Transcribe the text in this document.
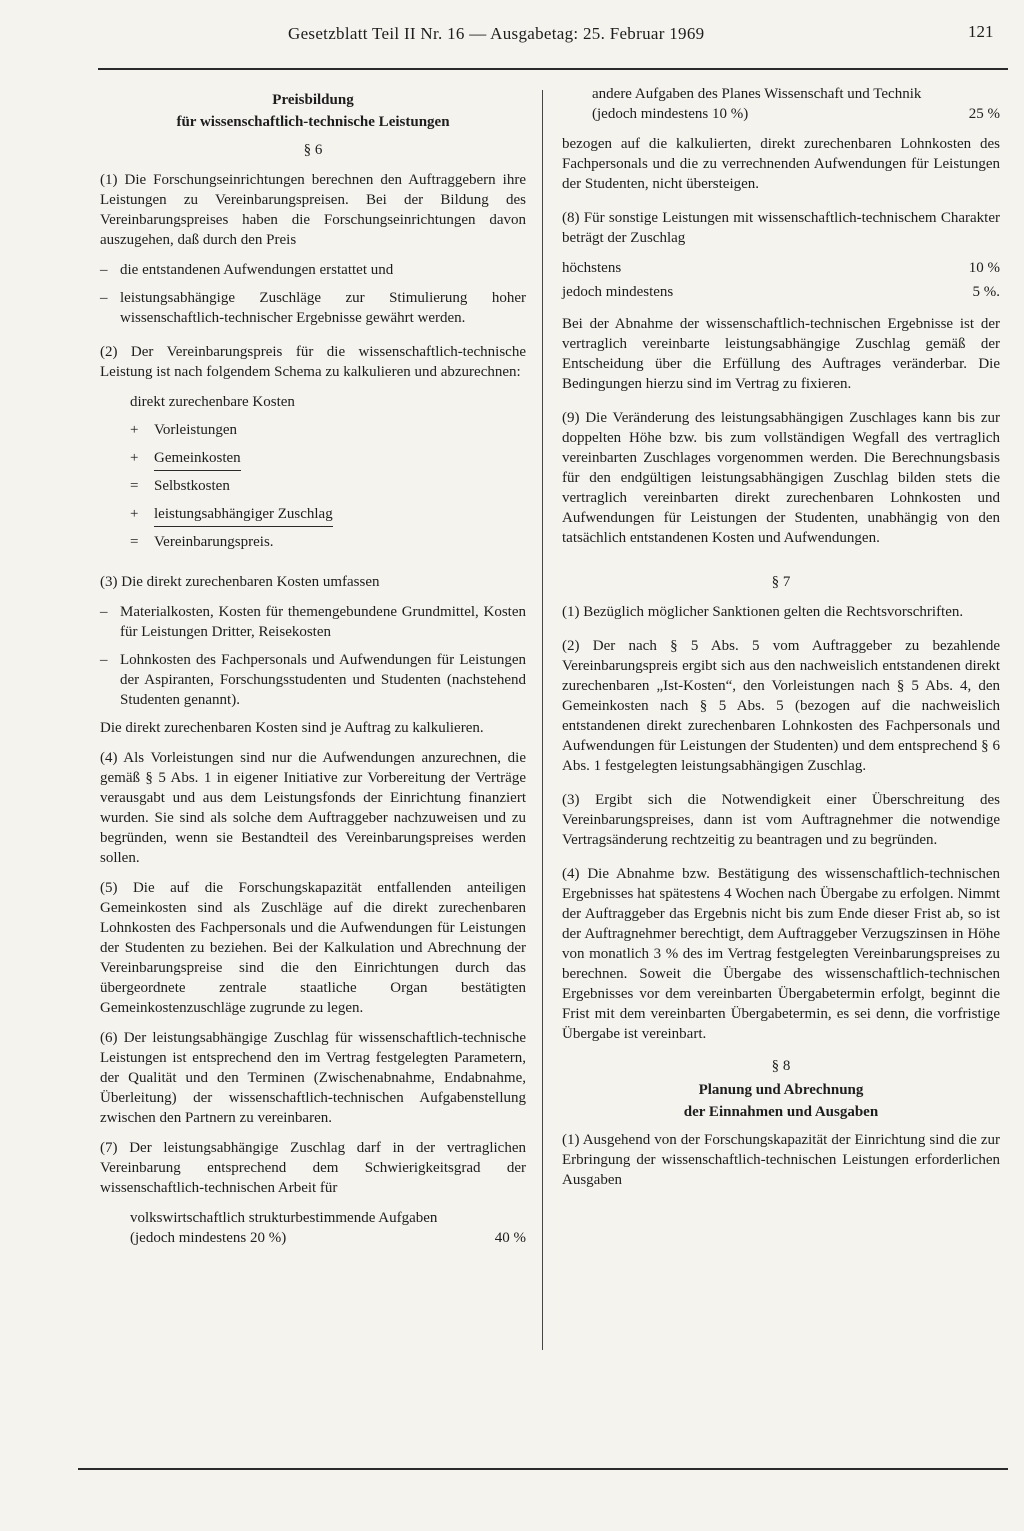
Gesetzblatt Teil II Nr. 16 — Ausgabetag: 25. Februar 1969	121
Preisbildung
für wissenschaftlich-technische Leistungen
§ 6

(1) Die Forschungseinrichtungen berechnen den Auftraggebern ihre Leistungen zu Vereinbarungspreisen. Bei der Bildung des Vereinbarungspreises haben die Forschungseinrichtungen davon auszugehen, daß durch den Preis

– die entstandenen Aufwendungen erstattet und
– leistungsabhängige Zuschläge zur Stimulierung hoher wissenschaftlich-technischer Ergebnisse gewährt werden.

(2) Der Vereinbarungspreis für die wissenschaftlich-technische Leistung ist nach folgendem Schema zu kalkulieren und abzurechnen:

direkt zurechenbare Kosten
+	Vorleistungen
+	Gemeinkosten
=	Selbstkosten
+	leistungsabhängiger Zuschlag
=	Vereinbarungspreis.

(3) Die direkt zurechenbaren Kosten umfassen

– Materialkosten, Kosten für themengebundene Grundmittel, Kosten für Leistungen Dritter, Reisekosten
– Lohnkosten des Fachpersonals und Aufwendungen für Leistungen der Aspiranten, Forschungsstudenten und Studenten (nachstehend Studenten genannt).

Die direkt zurechenbaren Kosten sind je Auftrag zu kalkulieren.

(4) Als Vorleistungen sind nur die Aufwendungen anzurechnen, die gemäß § 5 Abs. 1 in eigener Initiative zur Vorbereitung der Verträge verausgabt und aus dem Leistungsfonds der Einrichtung finanziert wurden. Sie sind als solche dem Auftraggeber nachzuweisen und zu begründen, wenn sie Bestandteil des Vereinbarungspreises werden sollen.

(5) Die auf die Forschungskapazität entfallenden anteiligen Gemeinkosten sind als Zuschläge auf die direkt zurechenbaren Lohnkosten des Fachpersonals und die Aufwendungen für Leistungen der Studenten zu beziehen. Bei der Kalkulation und Abrechnung der Vereinbarungspreise sind die den Einrichtungen durch das übergeordnete zentrale staatliche Organ bestätigten Gemeinkostenzuschläge zugrunde zu legen.

(6) Der leistungsabhängige Zuschlag für wissenschaftlich-technische Leistungen ist entsprechend den im Vertrag festgelegten Parametern, der Qualität und den Terminen (Zwischenabnahme, Endabnahme, Überleitung) der wissenschaftlich-technischen Aufgabenstellung zwischen den Partnern zu vereinbaren.

(7) Der leistungsabhängige Zuschlag darf in der vertraglichen Vereinbarung entsprechend dem Schwierigkeitsgrad der wissenschaftlich-technischen Arbeit für

volkswirtschaftlich strukturbestimmende Aufgaben (jedoch mindestens 20 %)	40 %
andere Aufgaben des Planes Wissenschaft und Technik (jedoch mindestens 10 %)	25 %

bezogen auf die kalkulierten, direkt zurechenbaren Lohnkosten des Fachpersonals und die zu verrechnenden Aufwendungen für Leistungen der Studenten, nicht übersteigen.

(8) Für sonstige Leistungen mit wissenschaftlich-technischem Charakter beträgt der Zuschlag

höchstens	10 %
jedoch mindestens	5 %.

Bei der Abnahme der wissenschaftlich-technischen Ergebnisse ist der vertraglich vereinbarte leistungsabhängige Zuschlag gemäß der Entscheidung über die Erfüllung des Auftrages veränderbar. Die Bedingungen hierzu sind im Vertrag zu fixieren.

(9) Die Veränderung des leistungsabhängigen Zuschlages kann bis zur doppelten Höhe bzw. bis zum vollständigen Wegfall des vertraglich vereinbarten Zuschlages vorgenommen werden. Die Berechnungsbasis für den endgültigen leistungsabhängigen Zuschlag bilden stets die vertraglich vereinbarten direkt zurechenbaren Lohnkosten und Aufwendungen für Leistungen der Studenten, unabhängig von den tatsächlich entstandenen Kosten und Aufwendungen.

§ 7

(1) Bezüglich möglicher Sanktionen gelten die Rechtsvorschriften.

(2) Der nach § 5 Abs. 5 vom Auftraggeber zu bezahlende Vereinbarungspreis ergibt sich aus den nachweislich entstandenen direkt zurechenbaren „Ist-Kosten“, den Vorleistungen nach § 5 Abs. 4, den Gemeinkosten nach § 5 Abs. 5 (bezogen auf die nachweislich entstandenen direkt zurechenbaren Lohnkosten des Fachpersonals und Aufwendungen für Leistungen der Studenten) und dem entsprechend § 6 Abs. 1 festgelegten leistungsabhängigen Zuschlag.

(3) Ergibt sich die Notwendigkeit einer Überschreitung des Vereinbarungspreises, dann ist vom Auftragnehmer die notwendige Vertragsänderung rechtzeitig zu beantragen und zu begründen.

(4) Die Abnahme bzw. Bestätigung des wissenschaftlich-technischen Ergebnisses hat spätestens 4 Wochen nach Übergabe zu erfolgen. Nimmt der Auftraggeber das Ergebnis nicht bis zum Ende dieser Frist ab, so ist der Auftragnehmer berechtigt, dem Auftraggeber Verzugszinsen in Höhe von monatlich 3 % des im Vertrag festgelegten Vereinbarungspreises zu berechnen. Soweit die Übergabe des wissenschaftlich-technischen Ergebnisses vor dem vereinbarten Übergabetermin erfolgt, beginnt die Frist mit dem vereinbarten Übergabetermin, es sei denn, die vorfristige Übergabe ist vereinbart.

§ 8
Planung und Abrechnung
der Einnahmen und Ausgaben

(1) Ausgehend von der Forschungskapazität der Einrichtung sind die zur Erbringung der wissenschaftlich-technischen Leistungen erforderlichen Ausgaben
